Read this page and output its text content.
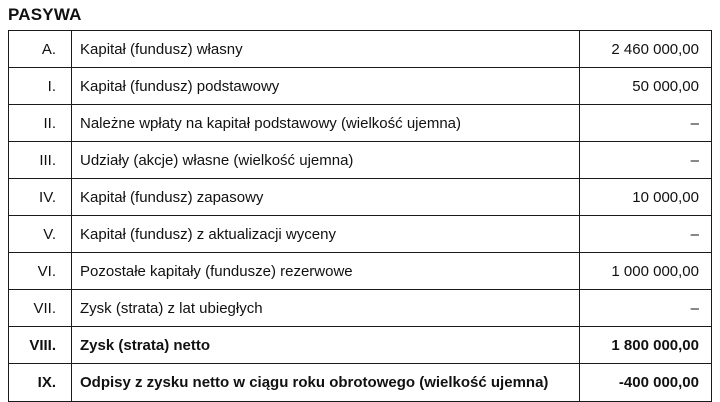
PASYWA
A.	Kapitał (fundusz) własny	2 460 000,00
I.	Kapitał (fundusz) podstawowy	50 000,00
II.	Należne wpłaty na kapitał podstawowy (wielkość ujemna)	–
III.	Udziały (akcje) własne (wielkość ujemna)	–
IV.	Kapitał (fundusz) zapasowy	10 000,00
V.	Kapitał (fundusz) z aktualizacji wyceny	–
VI.	Pozostałe kapitały (fundusze) rezerwowe	1 000 000,00
VII.	Zysk (strata) z lat ubiegłych	–
VIII.	Zysk (strata) netto	1 800 000,00
IX.	Odpisy z zysku netto w ciągu roku obrotowego (wielkość ujemna)	-400 000,00
